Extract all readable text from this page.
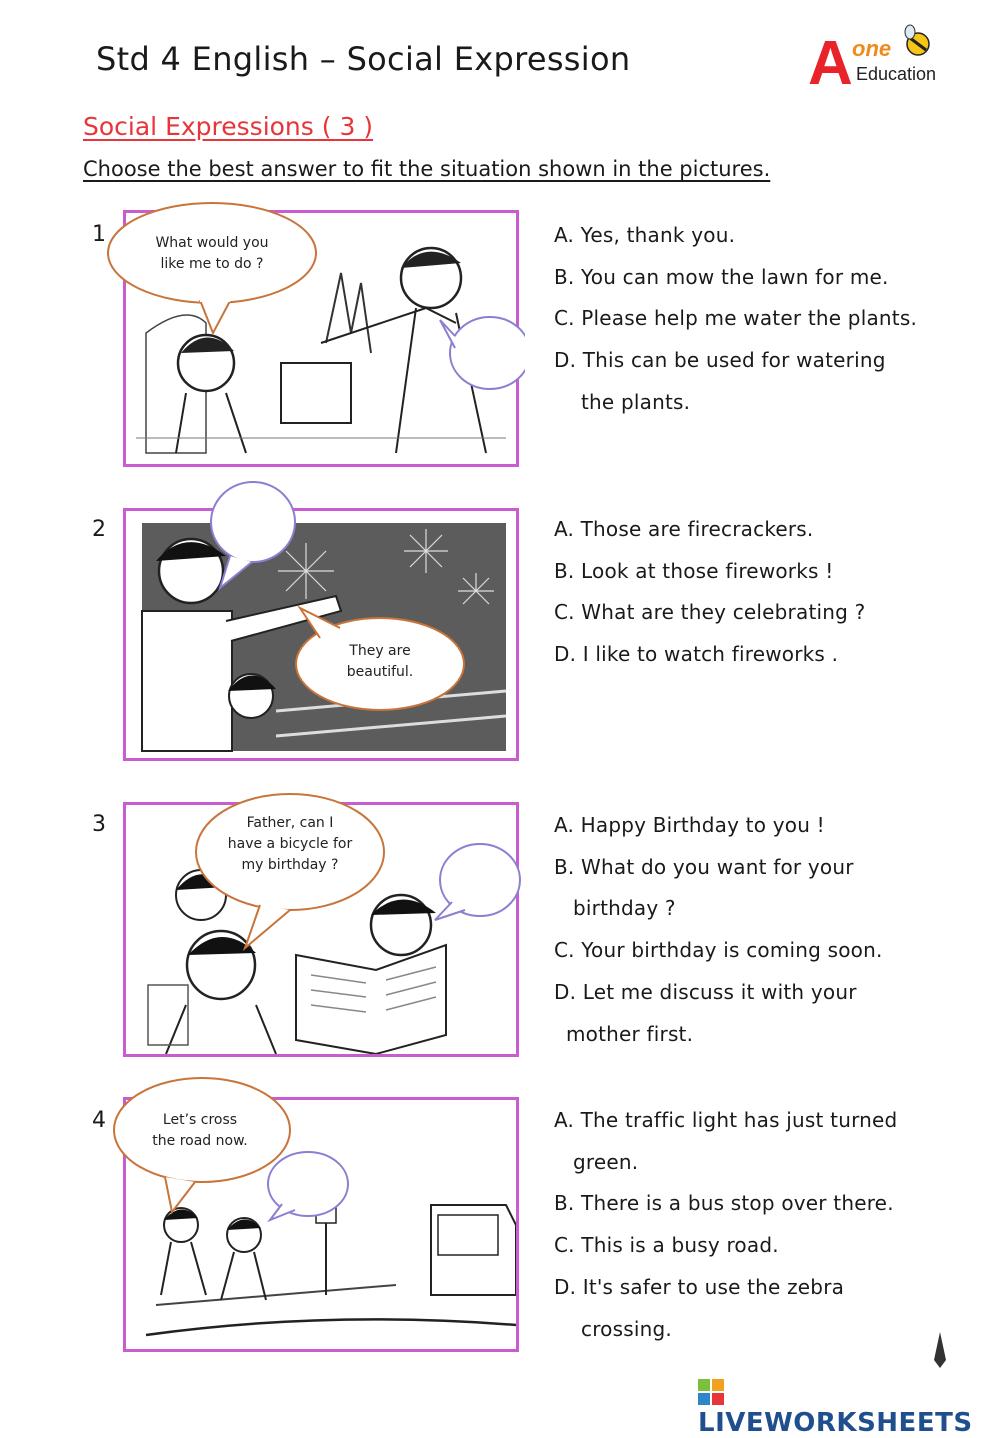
Std 4 English – Social Expression	A one
Education
Social Expressions ( 3 )
Choose the best answer to fit the situation shown in the pictures.
1	What would you
like me to do ?
A. Yes, thank you.
B. You can mow the lawn for me.
C. Please help me water the plants.
D. This can be used for watering
the plants.
2
They are
beautiful.
A. Those are firecrackers.
B. Look at those fireworks !
C. What are they celebrating ?
D. I like to watch fireworks .
3	Father, can I
have a bicycle for
my birthday ?
A. Happy Birthday to you !
B. What do you want for your
birthday ?
C. Your birthday is coming soon.
D. Let me discuss it with your
mother first.
4	Let’s cross
the road now.
A. The traffic light has just turned
green.
B. There is a bus stop over there.
C. This is a busy road.
D. It's safer to use the zebra
crossing.
LIVEWORKSHEETS
